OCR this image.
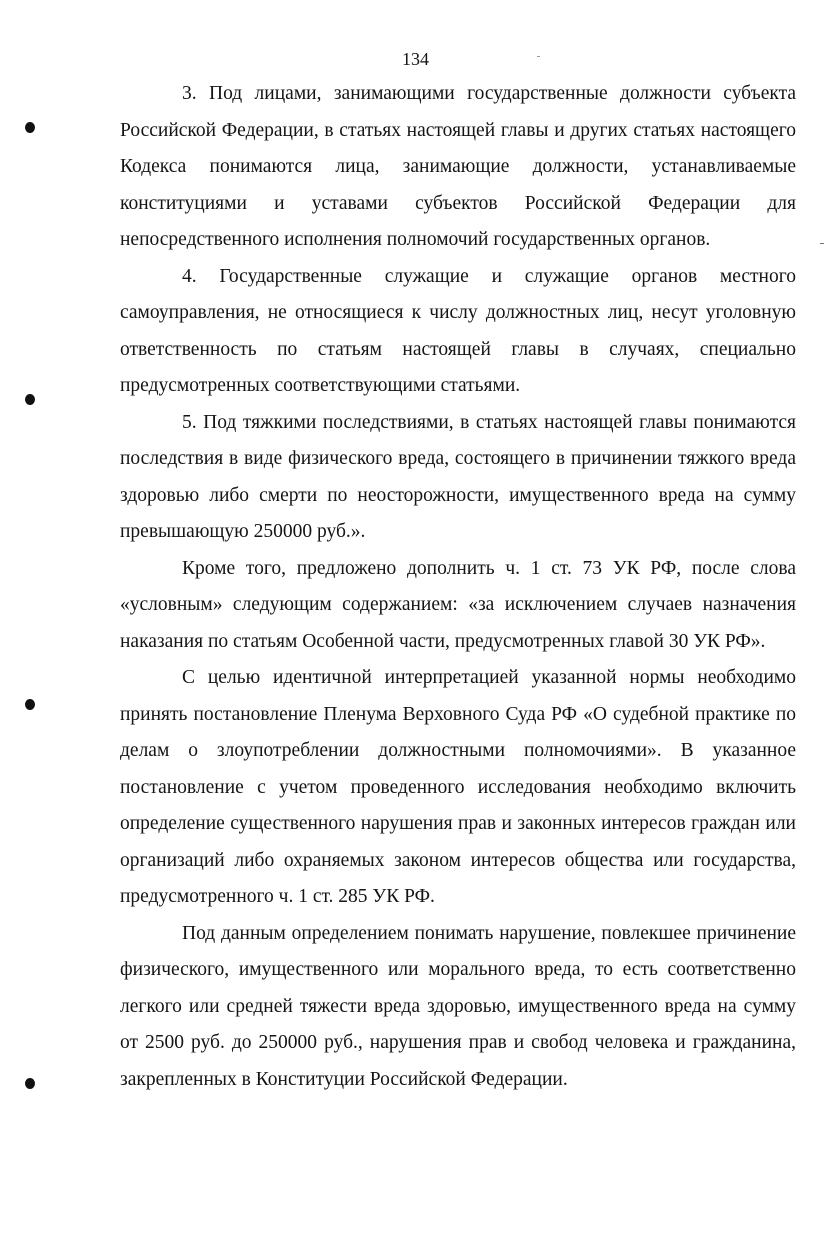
134

3. Под лицами, занимающими государственные должности субъекта Российской Федерации, в статьях настоящей главы и других статьях настоящего Кодекса понимаются лица, занимающие должности, устанавливаемые конституциями и уставами субъектов Российской Федерации для непосредственного исполнения полномочий государственных органов.

4. Государственные служащие и служащие органов местного самоуправления, не относящиеся к числу должностных лиц, несут уголовную ответственность по статьям настоящей главы в случаях, специально предусмотренных соответствующими статьями.

5. Под тяжкими последствиями, в статьях настоящей главы понимаются последствия в виде физического вреда, состоящего в причинении тяжкого вреда здоровью либо смерти по неосторожности, имущественного вреда на сумму превышающую 250000 руб.».

Кроме того, предложено дополнить ч. 1 ст. 73 УК РФ, после слова «условным» следующим содержанием: «за исключением случаев назначения наказания по статьям Особенной части, предусмотренных главой 30 УК РФ».

С целью идентичной интерпретацией указанной нормы необходимо принять постановление Пленума Верховного Суда РФ «О судебной практике по делам о злоупотреблении должностными полномочиями». В указанное постановление с учетом проведенного исследования необходимо включить определение существенного нарушения прав и законных интересов граждан или организаций либо охраняемых законом интересов общества или государства, предусмотренного ч. 1 ст. 285 УК РФ.

Под данным определением понимать нарушение, повлекшее причинение физического, имущественного или морального вреда, то есть соответственно легкого или средней тяжести вреда здоровью, имущественного вреда на сумму от 2500 руб. до 250000 руб., нарушения прав и свобод человека и гражданина, закрепленных в Конституции Российской Федерации.
